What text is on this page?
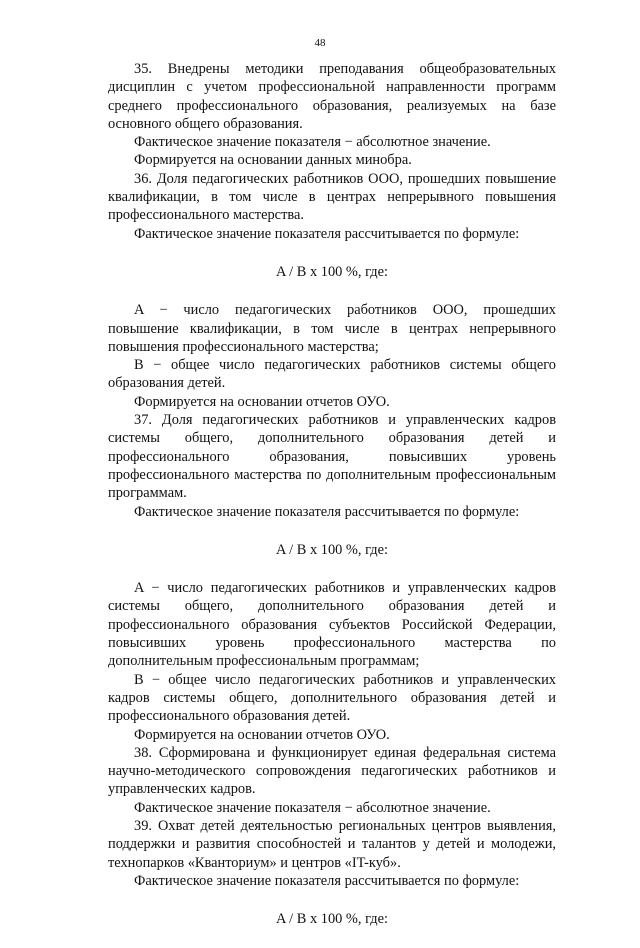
48

35. Внедрены методики преподавания общеобразовательных дисциплин с учетом профессиональной направленности программ среднего профессионального образования, реализуемых на базе основного общего образования.

Фактическое значение показателя − абсолютное значение.

Формируется на основании данных минобра.

36. Доля педагогических работников ООО, прошедших повышение квалификации, в том числе в центрах непрерывного повышения профессионального мастерства.

Фактическое значение показателя рассчитывается по формуле:

A / B x 100 %, где:

A − число педагогических работников ООО, прошедших повышение квалификации, в том числе в центрах непрерывного повышения профессионального мастерства;

B − общее число педагогических работников системы общего образования детей.

Формируется на основании отчетов ОУО.

37. Доля педагогических работников и управленческих кадров системы общего, дополнительного образования детей и профессионального образования, повысивших уровень профессионального мастерства по дополнительным профессиональным программам.

Фактическое значение показателя рассчитывается по формуле:

A / B x 100 %, где:

A − число педагогических работников и управленческих кадров системы общего, дополнительного образования детей и профессионального образования субъектов Российской Федерации, повысивших уровень профессионального мастерства по дополнительным профессиональным программам;

B − общее число педагогических работников и управленческих кадров системы общего, дополнительного образования детей и профессионального образования детей.

Формируется на основании отчетов ОУО.

38. Сформирована и функционирует единая федеральная система научно-методического сопровождения педагогических работников и управленческих кадров.

Фактическое значение показателя − абсолютное значение.

39. Охват детей деятельностью региональных центров выявления, поддержки и развития способностей и талантов у детей и молодежи, технопарков «Кванториум» и центров «IT-куб».

Фактическое значение показателя рассчитывается по формуле:

A / B x 100 %, где:
